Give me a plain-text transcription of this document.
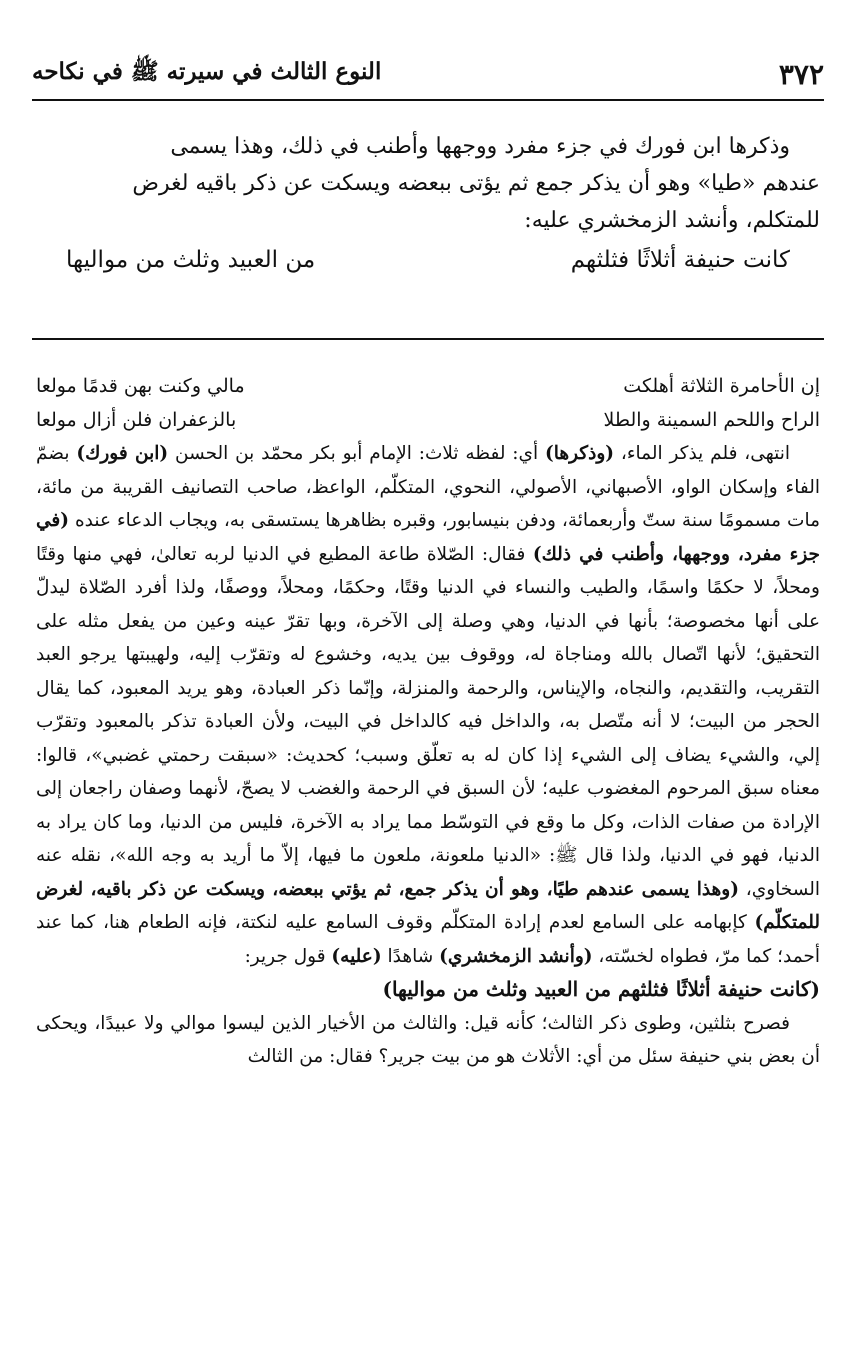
٣٧٢
النوع الثالث في سيرته ﷺ في نكاحه

وذكرها ابن فورك في جزء مفرد ووجهها وأطنب في ذلك، وهذا يسمى

عندهم «طيا» وهو أن يذكر جمع ثم يؤتى ببعضه ويسكت عن ذكر باقيه لغرض

للمتكلم، وأنشد الزمخشري عليه:

كانت حنيفة أثلاثًا فثلثهم
من العبيد وثلث من مواليها
إن الأحامرة الثلاثة أهلكت
مالي وكنت بهن قدمًا مولعا
الراح واللحم السمينة والطلا
بالزعفران فلن أزال مولعا

انتهى، فلم يذكر الماء، (وذكرها) أي: لفظه ثلاث: الإمام أبو بكر محمّد بن الحسن (ابن فورك) بضمّ الفاء وإسكان الواو، الأصبهاني، الأصولي، النحوي، المتكلّم، الواعظ، صاحب التصانيف القريبة من مائة، مات مسمومًا سنة ستّ وأربعمائة، ودفن بنيسابور، وقبره بظاهرها يستسقى به، ويجاب الدعاء عنده (في جزء مفرد، ووجهها، وأطنب في ذلك) فقال: الصّلاة طاعة المطيع في الدنيا لربه تعالىٰ، فهي منها وقتًا ومحلاً، لا حكمًا واسمًا، والطيب والنساء في الدنيا وقتًا، وحكمًا، ومحلاً، ووصفًا، ولذا أفرد الصّلاة ليدلّ على أنها مخصوصة؛ بأنها في الدنيا، وهي وصلة إلى الآخرة، وبها تقرّ عينه وعين من يفعل مثله على التحقيق؛ لأنها اتّصال بالله ومناجاة له، ووقوف بين يديه، وخشوع له وتقرّب إليه، ولهيبتها يرجو العبد التقريب، والتقديم، والنجاه، والإيناس، والرحمة والمنزلة، وإنّما ذكر العبادة، وهو يريد المعبود، كما يقال الحجر من البيت؛ لا أنه متّصل به، والداخل فيه كالداخل في البيت، ولأن العبادة تذكر بالمعبود وتقرّب إلي، والشيء يضاف إلى الشيء إذا كان له به تعلّق وسبب؛ كحديث: «سبقت رحمتي غضبي»، قالوا: معناه سبق المرحوم المغضوب عليه؛ لأن السبق في الرحمة والغضب لا يصحّ، لأنهما وصفان راجعان إلى الإرادة من صفات الذات، وكل ما وقع في التوسّط مما يراد به الآخرة، فليس من الدنيا، وما كان يراد به الدنيا، فهو في الدنيا، ولذا قال ﷺ: «الدنيا ملعونة، ملعون ما فيها، إلاّ ما أريد به وجه الله»، نقله عنه السخاوي، (وهذا يسمى عندهم طيًا، وهو أن يذكر جمع، ثم يؤتي ببعضه، ويسكت عن ذكر باقيه، لغرض للمتكلّم) كإبهامه على السامع لعدم إرادة المتكلّم وقوف السامع عليه لنكتة، فإنه الطعام هنا، كما عند أحمد؛ كما مرّ، فطواه لخسّته، (وأنشد الزمخشري) شاهدًا (عليه) قول جرير:

(كانت حنيفة أثلاثًا فثلثهم من العبيد وثلث من مواليها)

فصرح بثلثين، وطوى ذكر الثالث؛ كأنه قيل: والثالث من الأخيار الذين ليسوا موالي ولا عبيدًا، ويحكى أن بعض بني حنيفة سئل من أي: الأثلاث هو من بيت جرير؟ فقال: من الثالث
